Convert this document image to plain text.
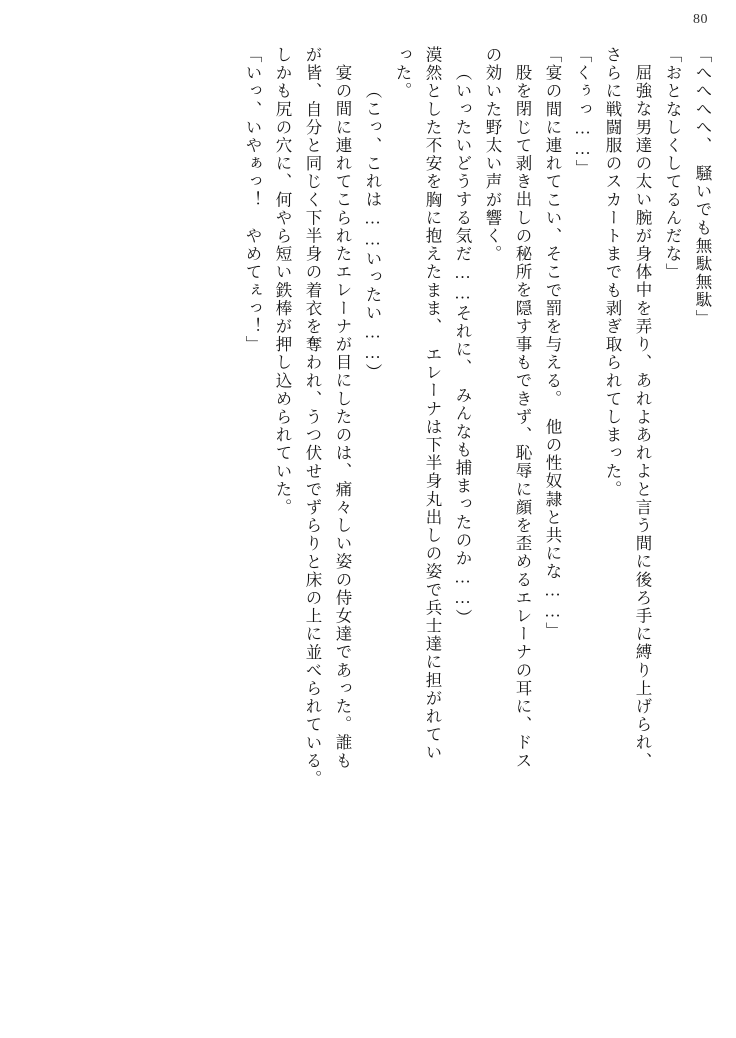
80
「へへへへ、　騒いでも無駄無駄」
「おとなしくしてるんだな」
屈強な男達の太い腕が身体中を弄り、あれよあれよと言う間に後ろ手に縛り上げられ、
さらに戦闘服のスカートまでも剥ぎ取られてしまった。
「くぅっ……」
「宴の間に連れてこい、そこで罰を与える。　他の性奴隷と共にな……」
股を閉じて剥き出しの秘所を隠す事もできず、恥辱に顔を歪めるエレーナの耳に、ドス
の効いた野太い声が響く。
（いったいどうする気だ……それに、　みんなも捕まったのか……）
漠然とした不安を胸に抱えたまま、　エレーナは下半身丸出しの姿で兵士達に担がれてい
った。
（こっ、これは……いったい……）
宴の間に連れてこられたエレーナが目にしたのは、痛々しい姿の侍女達であった。誰も
が皆、自分と同じく下半身の着衣を奪われ、うつ伏せでずらりと床の上に並べられている。
しかも尻の穴に、何やら短い鉄棒が押し込められていた。
「いっ、いやぁっ！　やめてぇっ！」
